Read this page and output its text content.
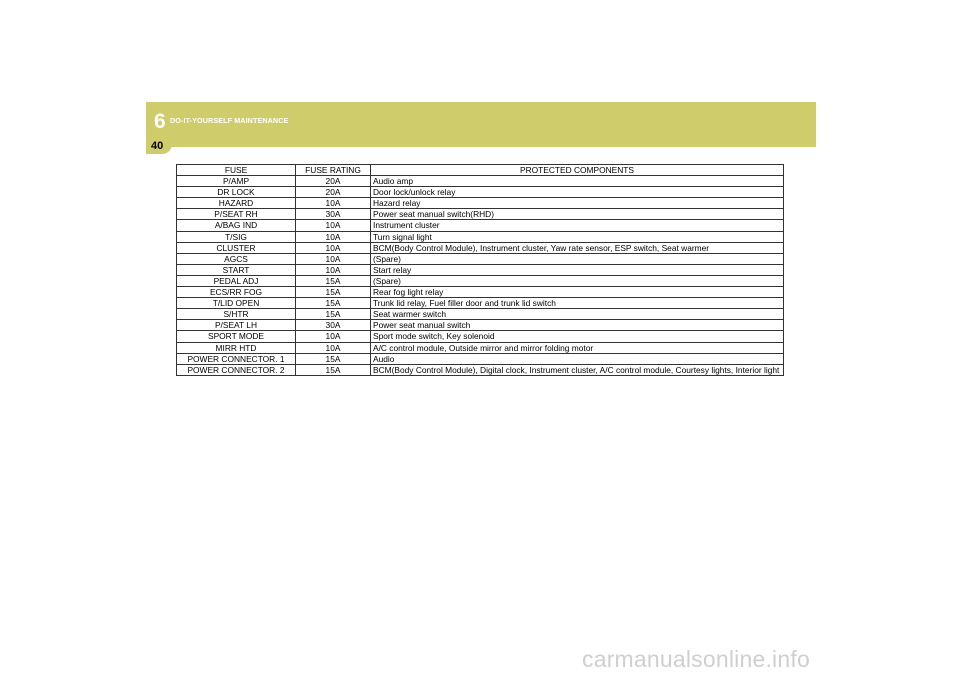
6 DO-IT-YOURSELF MAINTENANCE
40
FUSE	FUSE RATING	PROTECTED COMPONENTS
P/AMP	20A	Audio amp
DR LOCK	20A	Door lock/unlock relay
HAZARD	10A	Hazard relay
P/SEAT RH	30A	Power seat manual switch(RHD)
A/BAG IND	10A	Instrument cluster
T/SIG	10A	Turn signal light
CLUSTER	10A	BCM(Body Control Module), Instrument cluster, Yaw rate sensor, ESP switch, Seat warmer
AGCS	10A	(Spare)
START	10A	Start relay
PEDAL ADJ	15A	(Spare)
ECS/RR FOG	15A	Rear fog light relay
T/LID OPEN	15A	Trunk lid relay, Fuel filler door and trunk lid switch
S/HTR	15A	Seat warmer switch
P/SEAT LH	30A	Power seat manual switch
SPORT MODE	10A	Sport mode switch, Key solenoid
MIRR HTD	10A	A/C control module, Outside mirror and mirror folding motor
POWER CONNECTOR. 1	15A	Audio
POWER CONNECTOR. 2	15A	BCM(Body Control Module), Digital clock, Instrument cluster, A/C control module, Courtesy lights, Interior light
carmanualsonline.info
